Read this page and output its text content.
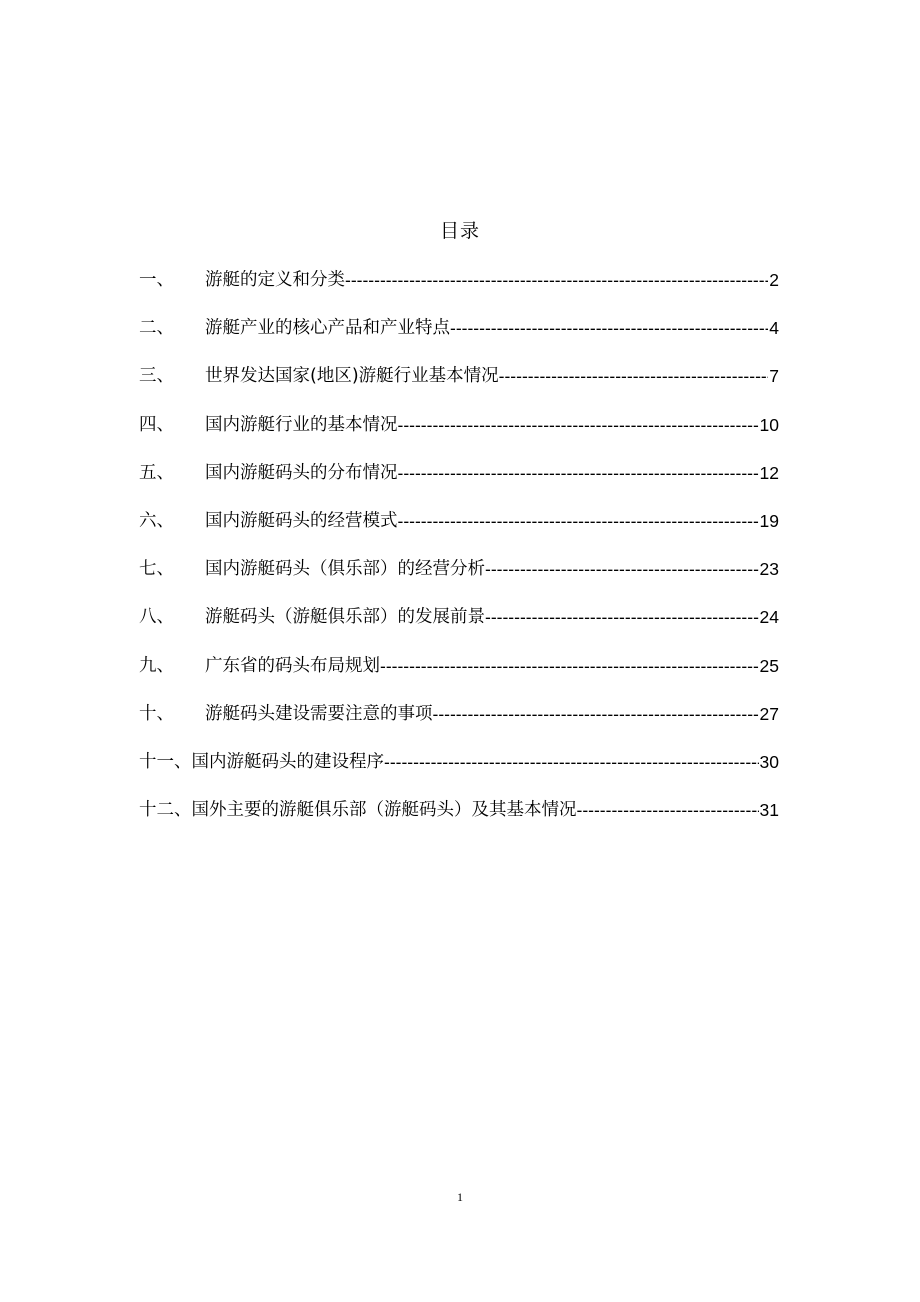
目录
一、	游艇的定义和分类 -----	2
二、	游艇产业的核心产品和产业特点 -----	4
三、	世界发达国家(地区)游艇行业基本情况 -----	7
四、	国内游艇行业的基本情况 -----	10
五、	国内游艇码头的分布情况 -----	12
六、	国内游艇码头的经营模式 -----	19
七、	国内游艇码头（俱乐部）的经营分析 -----	23
八、	游艇码头（游艇俱乐部）的发展前景 -----	24
九、	广东省的码头布局规划 -----	25
十、	游艇码头建设需要注意的事项 -----	27
十一、 国内游艇码头的建设程序 -----	30
十二、 国外主要的游艇俱乐部（游艇码头）及其基本情况 -----	31
1
